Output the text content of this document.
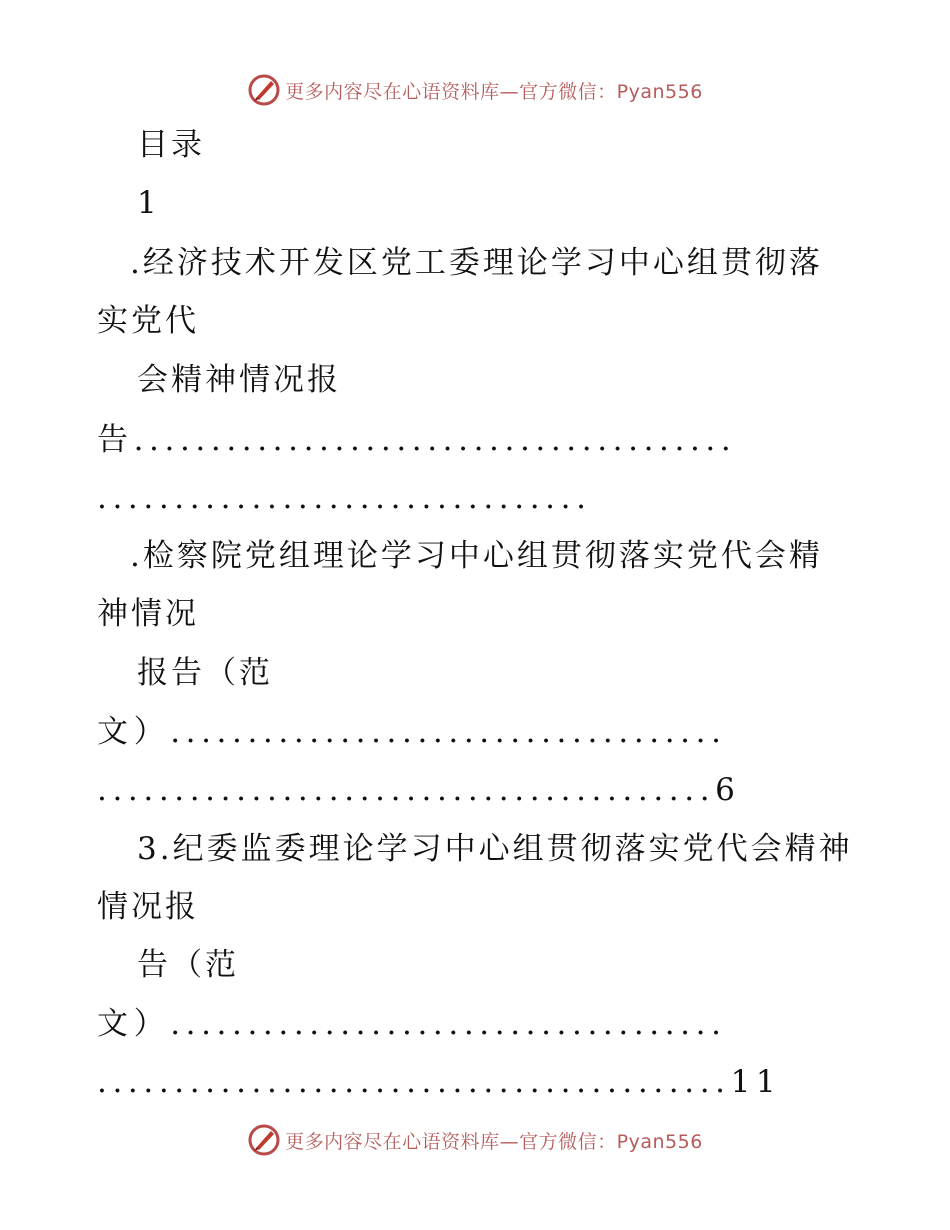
更多内容尽在心语资料库—官方微信：Pyan556
目录
1
.经济技术开发区党工委理论学习中心组贯彻落
实党代
会精神情况报
告.......................................
................................
.检察院党组理论学习中心组贯彻落实党代会精
神情况
报告（范
文）....................................
........................................6
3.纪委监委理论学习中心组贯彻落实党代会精神
情况报
告（范
文）....................................
.........................................11
更多内容尽在心语资料库—官方微信：Pyan556
